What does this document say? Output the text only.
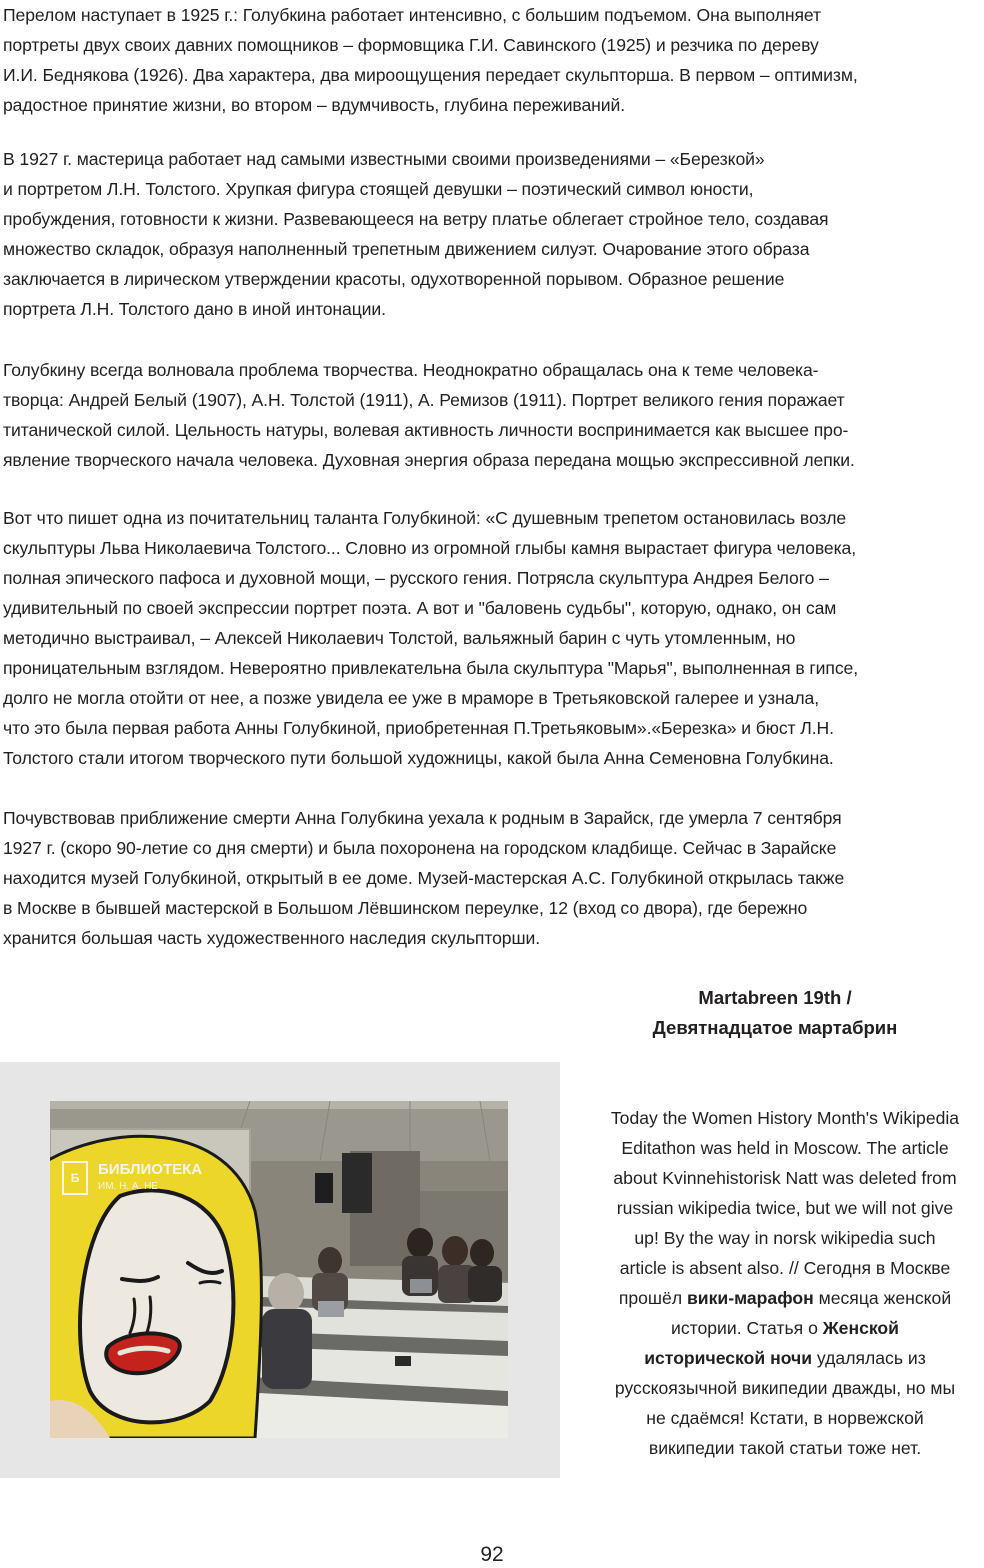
Перелом наступает в 1925 г.: Голубкина работает интенсивно, с большим подъемом. Она выполняет
портреты двух своих давних помощников – формовщика Г.И. Савинского (1925) и резчика по дереву
И.И. Беднякова (1926). Два характера, два мироощущения передает скульпторша. В первом – оптимизм,
радостное принятие жизни, во втором – вдумчивость, глубина переживаний.

В 1927 г. мастерица работает над самыми известными своими произведениями – «Березкой»
и портретом Л.Н. Толстого. Хрупкая фигура стоящей девушки – поэтический символ юности,
пробуждения, готовности к жизни. Развевающееся на ветру платье облегает стройное тело, создавая
множество складок, образуя наполненный трепетным движением силуэт. Очарование этого образа
заключается в лирическом утверждении красоты, одухотворенной порывом. Образное решение
портрета Л.Н. Толстого дано в иной интонации.

Голубкину всегда волновала проблема творчества. Неоднократно обращалась она к теме человека-
творца: Андрей Белый (1907), А.Н. Толстой (1911), А. Ремизов (1911). Портрет великого гения поражает
титанической силой. Цельность натуры, волевая активность личности воспринимается как высшее про-
явление творческого начала человека. Духовная энергия образа передана мощью экспрессивной лепки.

Вот что пишет одна из почитательниц таланта Голубкиной: «С душевным трепетом остановилась возле
скульптуры Льва Николаевича Толстого... Словно из огромной глыбы камня вырастает фигура человека,
полная эпического пафоса и духовной мощи, – русского гения. Потрясла скульптура Андрея Белого –
удивительный по своей экспрессии портрет поэта. А вот и "баловень судьбы", которую, однако, он сам
методично выстраивал, – Алексей Николаевич Толстой, вальяжный барин с чуть утомленным, но
проницательным взглядом. Невероятно привлекательна была скульптура "Марья", выполненная в гипсе,
долго не могла отойти от нее, а позже увидела ее уже в мраморе в Третьяковской галерее и узнала,
что это была первая работа Анны Голубкиной, приобретенная П.Третьяковым».«Березка» и бюст Л.Н.
Толстого стали итогом творческого пути большой художницы, какой была Анна Семеновна Голубкина.

Почувствовав приближение смерти Анна Голубкина уехала к родным в Зарайск, где умерла 7 сентября
1927 г. (скоро 90-летие со дня смерти) и была похоронена на городском кладбище. Сейчас в Зарайске
находится музей Голубкиной, открытый в ее доме. Музей-мастерская А.С. Голубкиной открылась также
в Москве в бывшей мастерской в Большом Лёвшинском переулке, 12 (вход со двора), где бережно
хранится большая часть художественного наследия скульпторши.

Martabreen 19th /
Девятнадцатое мартабрин
Б	БИБЛИОТЕКА
ИМ. Н. А. НЕ
Today the Women History Month's Wikipedia
Editathon was held in Moscow. The article
about Kvinnehistorisk Natt was deleted from
russian wikipedia twice, but we will not give
up! By the way in norsk wikipedia such
article is absent also. // Сегодня в Москве
прошёл вики-марафон месяца женской
истории. Статья о Женской
исторической ночи удалялась из
русскоязычной википедии дважды, но мы
не сдаёмся! Кстати, в норвежской
википедии такой статьи тоже нет.
92
